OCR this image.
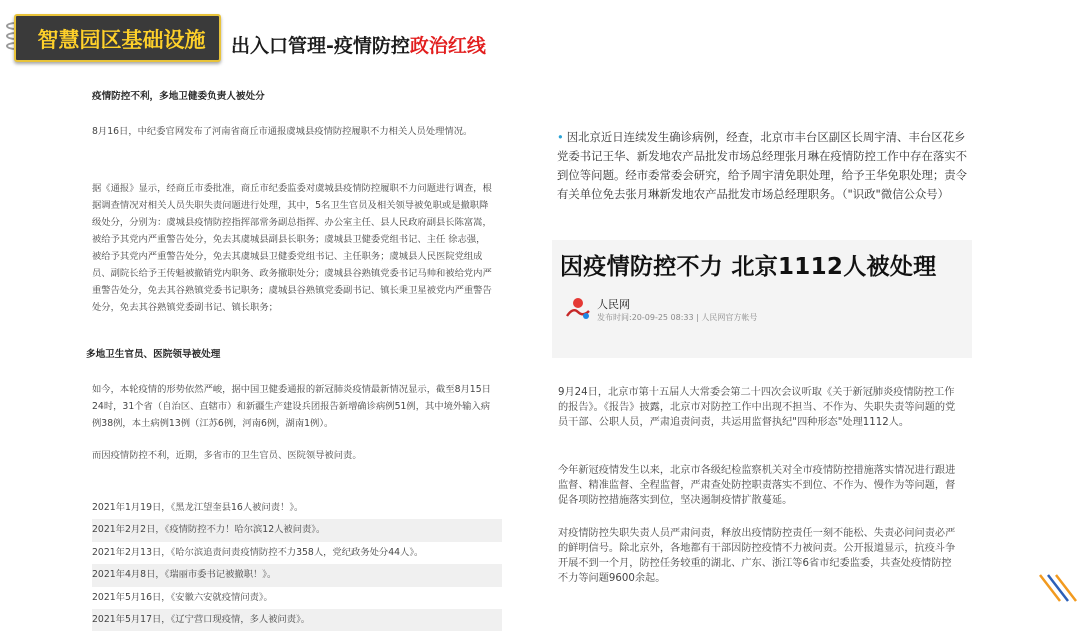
智慧园区基础设施	出入口管理-疫情防控政治红线

疫情防控不利，多地卫健委负责人被处分

8月16日，中纪委官网发布了河南省商丘市通报虞城县疫情防控履职不力相关人员处理情况。

据《通报》显示，经商丘市委批准，商丘市纪委监委对虞城县疫情防控履职不力问题进行调查，根据调查情况对相关人员失职失责问题进行处理，其中，5名卫生官员及相关领导被免职或是撤职降级处分，分别为：虞城县疫情防控指挥部常务副总指挥、办公室主任、县人民政府副县长陈富嵩，被给予其党内严重警告处分，免去其虞城县副县长职务；虞城县卫健委党组书记、主任 徐志强，被给予其党内严重警告处分，免去其虞城县卫健委党组书记、主任职务；虞城县人民医院党组成员、副院长给予王传魁被撤销党内职务、政务撤职处分；虞城县谷熟镇党委书记马帅和被给党内严重警告处分，免去其谷熟镇党委书记职务；虞城县谷熟镇党委副书记、镇长秉卫星被党内严重警告处分，免去其谷熟镇党委副书记、镇长职务；

多地卫生官员、医院领导被处理

如今，本轮疫情的形势依然严峻，据中国卫健委通报的新冠肺炎疫情最新情况显示，截至8月15日24时，31个省（自治区、直辖市）和新疆生产建设兵团报告新增确诊病例51例，其中境外输入病例38例，本土病例13例（江苏6例，河南6例，湖南1例）。

而因疫情防控不利，近期，多省市的卫生官员、医院领导被问责。

2021年1月19日，《黑龙江望奎县16人被问责！》。
2021年2月2日，《疫情防控不力！哈尔滨12人被问责》。
2021年2月13日，《哈尔滨追责问责疫情防控不力358人，党纪政务处分44人》。
2021年4月8日，《瑞丽市委书记被撤职！》。
2021年5月16日，《安徽六安就疫情问责》。
2021年5月17日，《辽宁营口现疫情，多人被问责》。

• 因北京近日连续发生确诊病例，经查，北京市丰台区副区长周宇清、丰台区花乡党委书记王华、新发地农产品批发市场总经理张月琳在疫情防控工作中存在落实不到位等问题。经市委常委会研究，给予周宇清免职处理，给予王华免职处理；责令有关单位免去张月琳新发地农产品批发市场总经理职务。（"识政"微信公众号）

因疫情防控不力 北京1112人被处理
人民网
发布时间:20-09-25 08:33 | 人民网官方帐号

9月24日，北京市第十五届人大常委会第二十四次会议听取《关于新冠肺炎疫情防控工作的报告》。《报告》披露，北京市对防控工作中出现不担当、不作为、失职失责等问题的党员干部、公职人员，严肃追责问责，共运用监督执纪"四种形态"处理1112人。

今年新冠疫情发生以来，北京市各级纪检监察机关对全市疫情防控措施落实情况进行跟进监督、精准监督、全程监督，严肃查处防控职责落实不到位、不作为、慢作为等问题，督促各项防控措施落实到位，坚决遏制疫情扩散蔓延。

对疫情防控失职失责人员严肃问责，释放出疫情防控责任一刻不能松、失责必问问责必严的鲜明信号。除北京外，各地都有干部因防控疫情不力被问责。公开报道显示，抗疫斗争开展不到一个月，防控任务较重的湖北、广东、浙江等6省市纪委监委，共查处疫情防控不力等问题9600余起。
